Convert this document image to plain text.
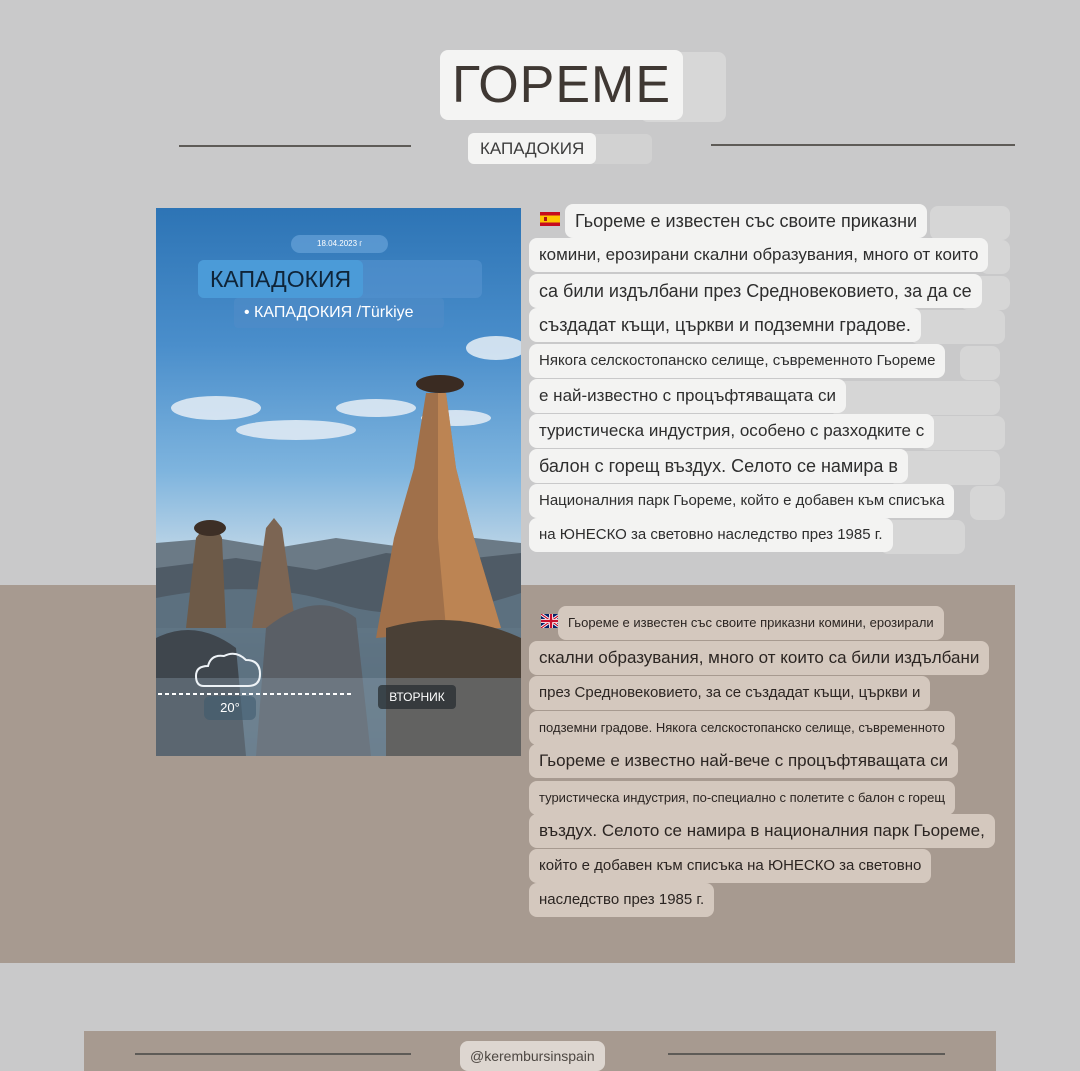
ГОРЕМЕ
КАПАДОКИЯ
18.04.2023 г
КАПАДОКИЯ
• КАПАДОКИЯ /Türkiye
20°
ВТОРНИК
Гьореме е известен със своите приказни
комини, ерозирани скални образувания, много от които
са били издълбани през Средновековието, за да се
създадат къщи, църкви и подземни градове.
Някога селскостопанско селище, съвременното Гьореме
е най-известно с процъфтяващата си
туристическа индустрия, особено с разходките с
балон с горещ въздух. Селото се намира в
Националния парк Гьореме, който е добавен към списъка
на ЮНЕСКО за световно наследство през 1985 г.
Гьореме е известен със своите приказни комини, ерозирали
скални образувания, много от които са били издълбани
през Средновековието, за се създадат къщи, църкви и
подземни градове. Някога селскостопанско селище, съвременното
Гьореме е известно най-вече с процъфтяващата си
туристическа индустрия, по-специално с полетите с балон с горещ
въздух. Селото се намира в националния парк Гьореме,
който е добавен към списъка на ЮНЕСКО за световно
наследство през 1985 г.
@kerembursinspain
